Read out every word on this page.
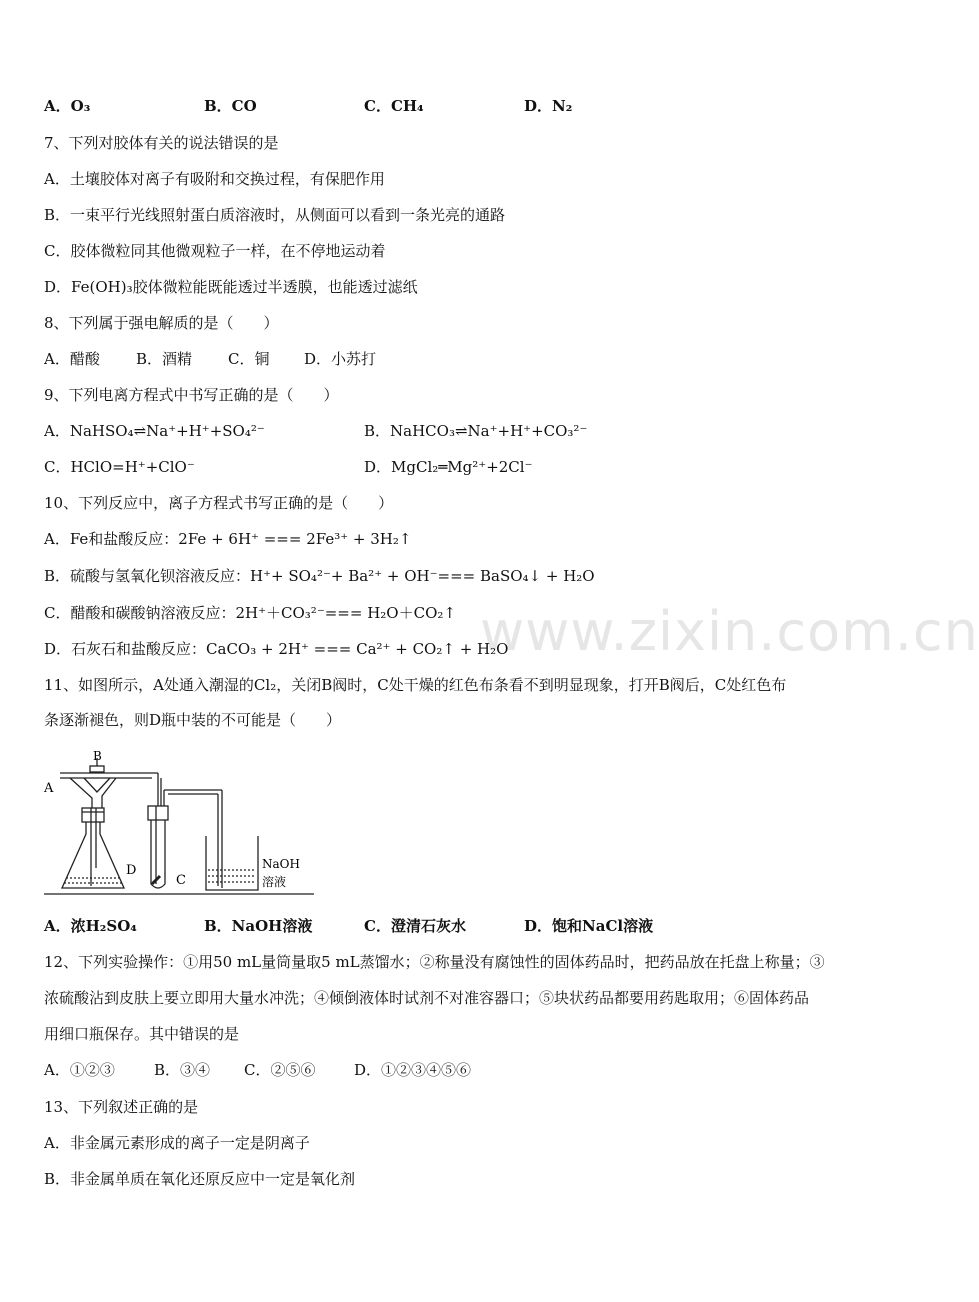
www.zixin.com.cn
A．O₃	B．CO	C．CH₄	D．N₂
7、下列对胶体有关的说法错误的是
A．土壤胶体对离子有吸附和交换过程，有保肥作用
B．一束平行光线照射蛋白质溶液时，从侧面可以看到一条光亮的通路
C．胶体微粒同其他微观粒子一样，在不停地运动着
D．Fe(OH)₃胶体微粒能既能透过半透膜，也能透过滤纸
8、下列属于强电解质的是（　　）
A．醋酸 B．酒精 C．铜 D．小苏打
9、下列电离方程式中书写正确的是（　　）
A．NaHSO₄⇌Na⁺+H⁺+SO₄²⁻	B．NaHCO₃⇌Na⁺+H⁺+CO₃²⁻
C．HClO=H⁺+ClO⁻	D．MgCl₂═Mg²⁺+2Cl⁻
10、下列反应中，离子方程式书写正确的是（　　）
A．Fe和盐酸反应：2Fe + 6H⁺ === 2Fe³⁺ + 3H₂↑
B．硫酸与氢氧化钡溶液反应：H⁺+ SO₄²⁻+ Ba²⁺ + OH⁻=== BaSO₄↓ + H₂O
C．醋酸和碳酸钠溶液反应：2H⁺＋CO₃²⁻=== H₂O＋CO₂↑
D．石灰石和盐酸反应：CaCO₃ + 2H⁺ === Ca²⁺ + CO₂↑ + H₂O
11、如图所示，A处通入潮湿的Cl₂，关闭B阀时，C处干燥的红色布条看不到明显现象，打开B阀后，C处红色布
条逐渐褪色，则D瓶中装的不可能是（　　）
A
B
D
C
NaOH
溶液
A．浓H₂SO₄	B．NaOH溶液	C．澄清石灰水	D．饱和NaCl溶液
12、下列实验操作：①用50 mL量筒量取5 mL蒸馏水；②称量没有腐蚀性的固体药品时，把药品放在托盘上称量；③
浓硫酸沾到皮肤上要立即用大量水冲洗；④倾倒液体时试剂不对准容器口；⑤块状药品都要用药匙取用；⑥固体药品
用细口瓶保存。其中错误的是
A．①②③	B．③④ C．②⑤⑥	D．①②③④⑤⑥
13、下列叙述正确的是
A．非金属元素形成的离子一定是阴离子
B．非金属单质在氧化还原反应中一定是氧化剂
